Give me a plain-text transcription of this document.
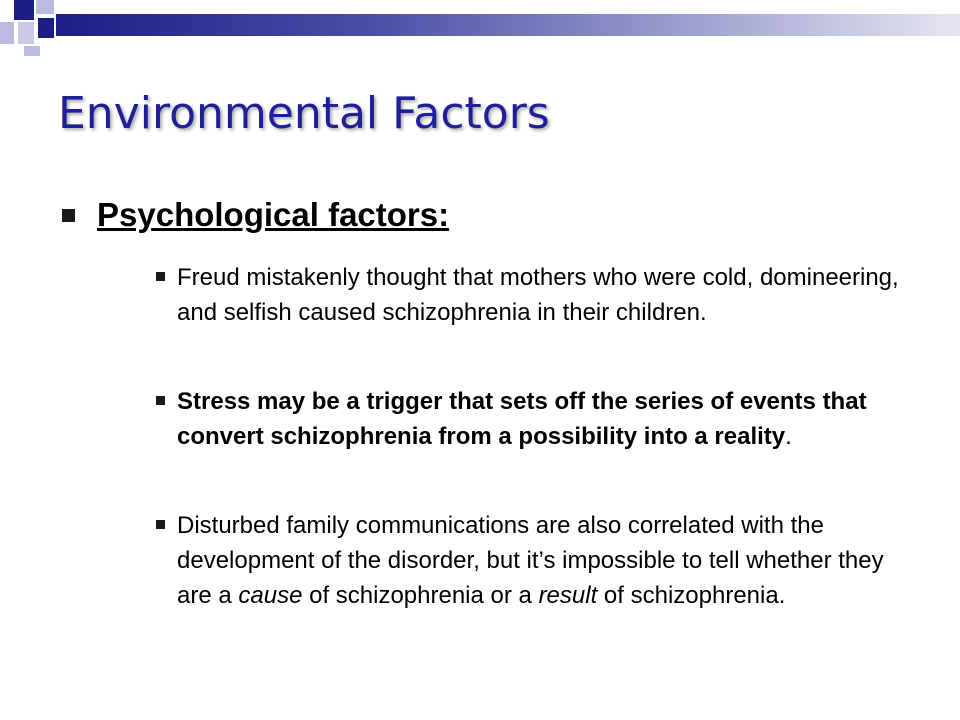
Environmental Factors
Psychological factors:
Freud mistakenly thought that mothers who were cold, domineering, and selfish caused schizophrenia in their children.
Stress may be a trigger that sets off the series of events that convert schizophrenia from a possibility into a reality.
Disturbed family communications are also correlated with the development of the disorder, but it’s impossible to tell whether they are a cause of schizophrenia or a result of schizophrenia.
